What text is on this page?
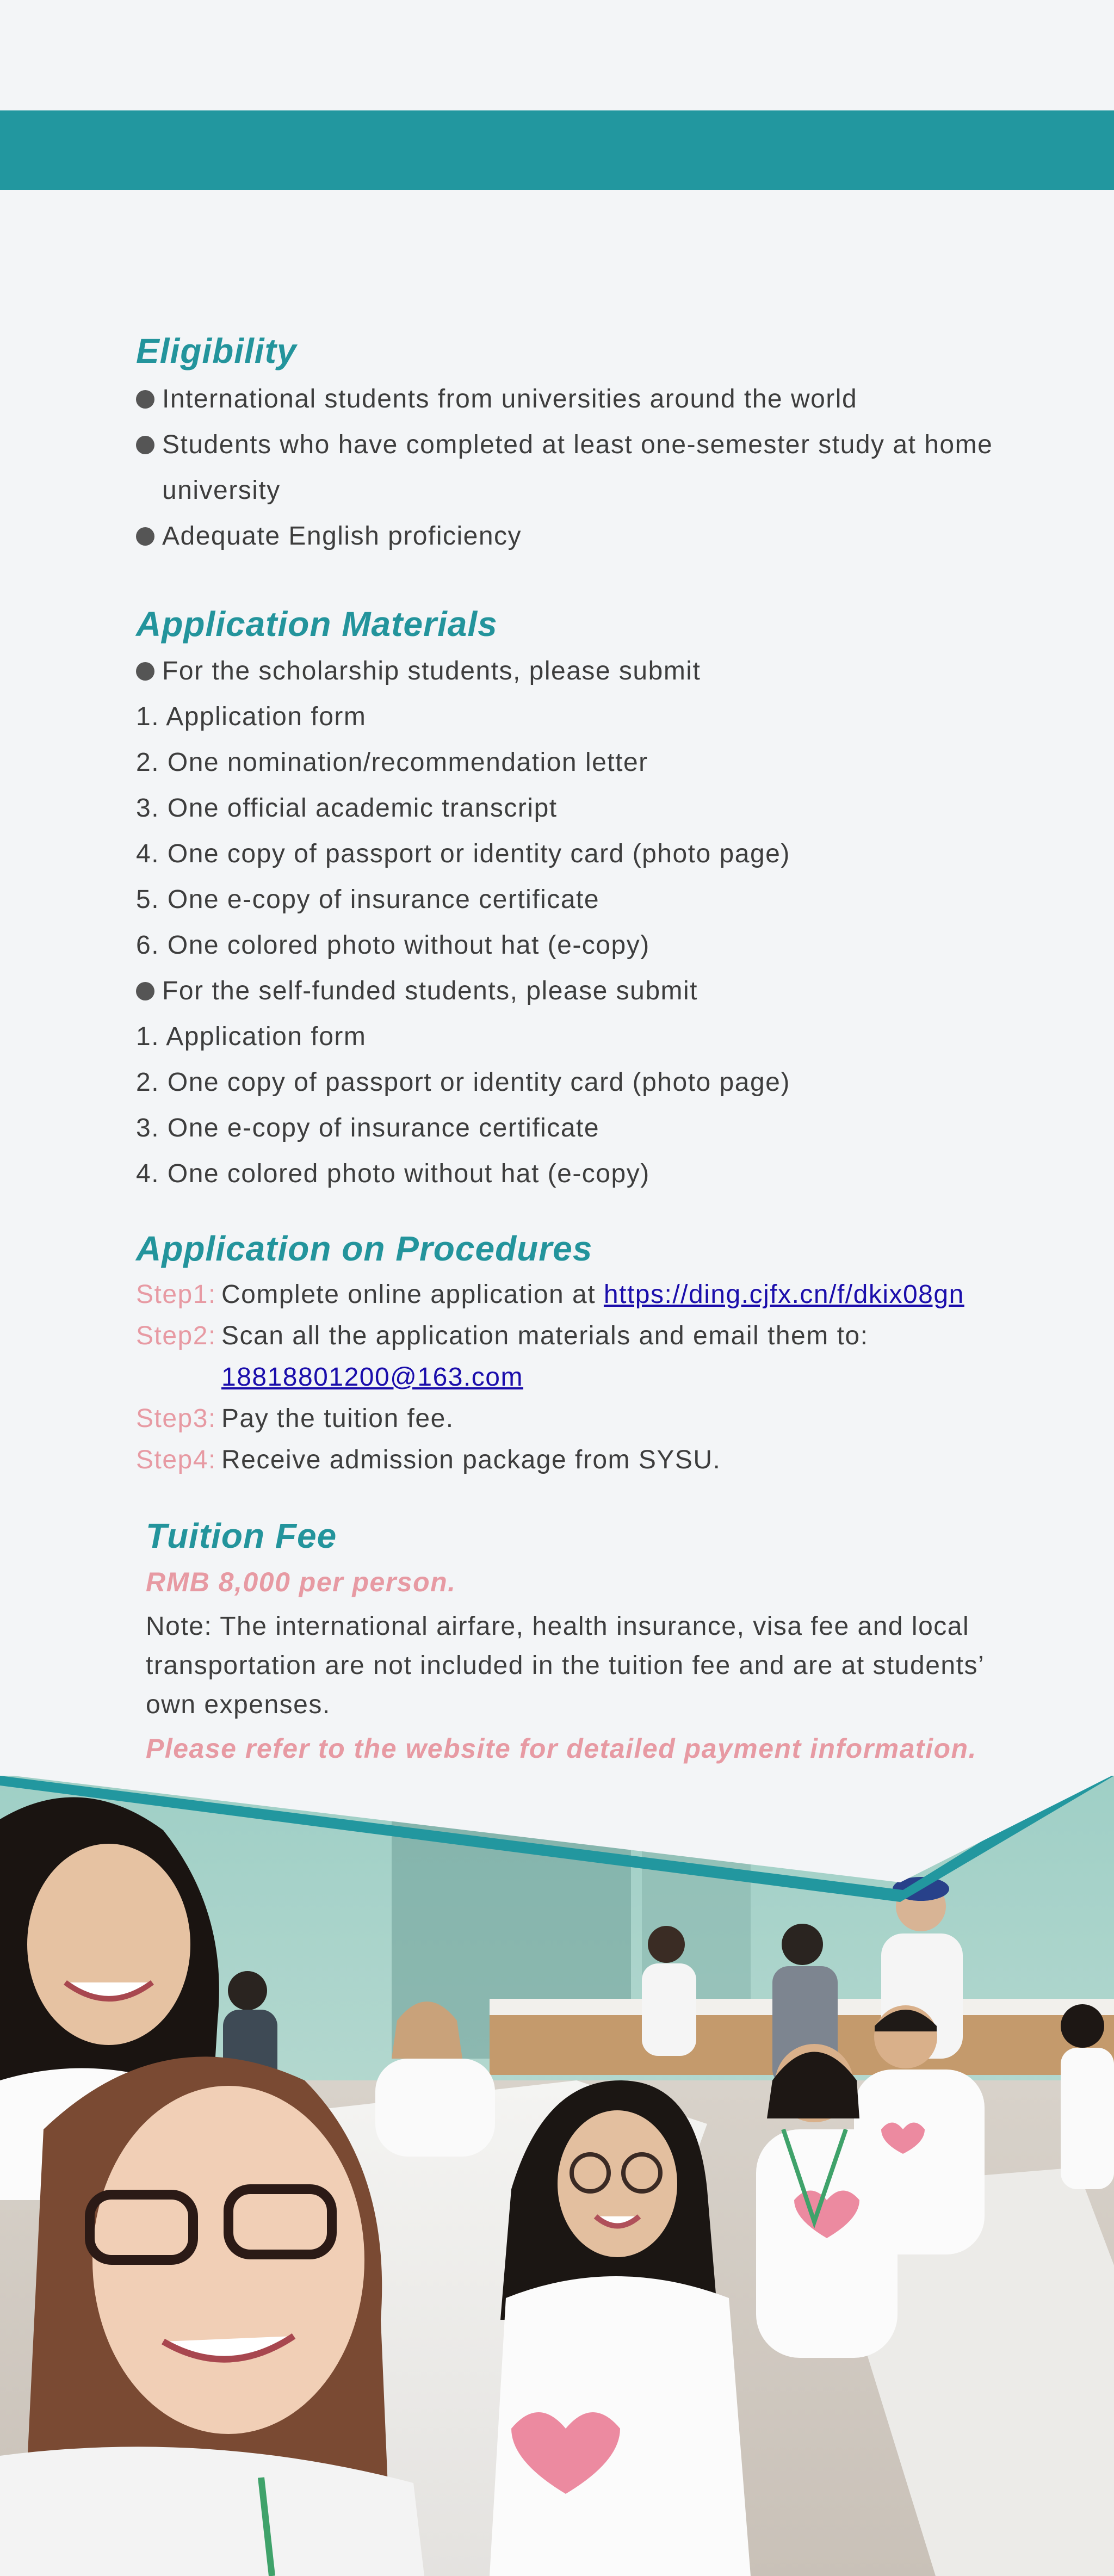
Eligibility
International students from universities around the world
Students who have completed at least one-semester study at home university
Adequate English proficiency
Application Materials
For the scholarship students, please submit

1. Application form

2. One nomination/recommendation letter

3. One official academic transcript

4. One copy of passport or identity card (photo page)

5. One e-copy of insurance certificate

6. One colored photo without hat (e-copy)

For the self-funded students, please submit

1. Application form

2. One copy of passport or identity card (photo page)

3. One e-copy of insurance certificate

4. One colored photo without hat (e-copy)

Application on Procedures
Step1: Complete online application at https://ding.cjfx.cn/f/dkix08gn
Step2: Scan all the application materials and email them to:
18818801200@163.com
Step3: Pay the tuition fee.
Step4: Receive admission package from SYSU.
Tuition Fee

RMB 8,000 per person.

Note: The international airfare, health insurance, visa fee and local transportation are not included in the tuition fee and are at students’ own expenses.

Please refer to the website for detailed payment information.
